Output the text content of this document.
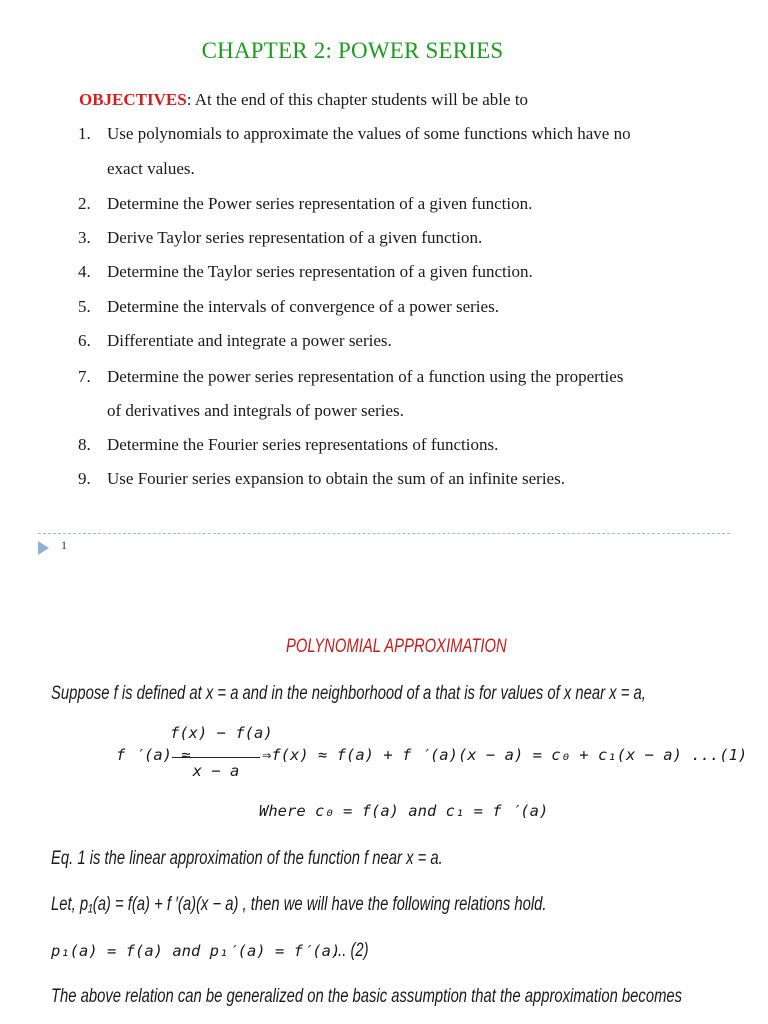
CHAPTER 2: POWER SERIES
OBJECTIVES: At the end of this chapter students will be able to
1. Use polynomials to approximate the values of some functions which have no
exact values.
2. Determine the Power series representation of a given function.
3. Derive Taylor series representation of a given function.
4. Determine the Taylor series representation of a given function.
5. Determine the intervals of convergence of a power series.
6. Differentiate and integrate a power series.
7. Determine the power series representation of a function using the properties
of derivatives and integrals of power series.
8. Determine the Fourier series representations of functions.
9. Use Fourier series expansion to obtain the sum of an infinite series.
1
POLYNOMIAL APPROXIMATION
Suppose f is defined at x = a and in the neighborhood of a that is for values of x near x = a,
f ′(a) ≈
f(x) − f(a)
x − a
⇒f(x) ≈ f(a) + f ′(a)(x − a) = c₀ + c₁(x − a) ...(1)
Where c₀ = f(a) and c₁ = f ′(a)
Eq. 1 is the linear approximation of the function f near x = a.
Let, p₁(a) = f(a) + f ′(a)(x − a) , then we will have the following relations hold.
p₁(a) = f(a) and p₁′(a) = f′(a)
... (2)
The above relation can be generalized on the basic assumption that the approximation becomes
